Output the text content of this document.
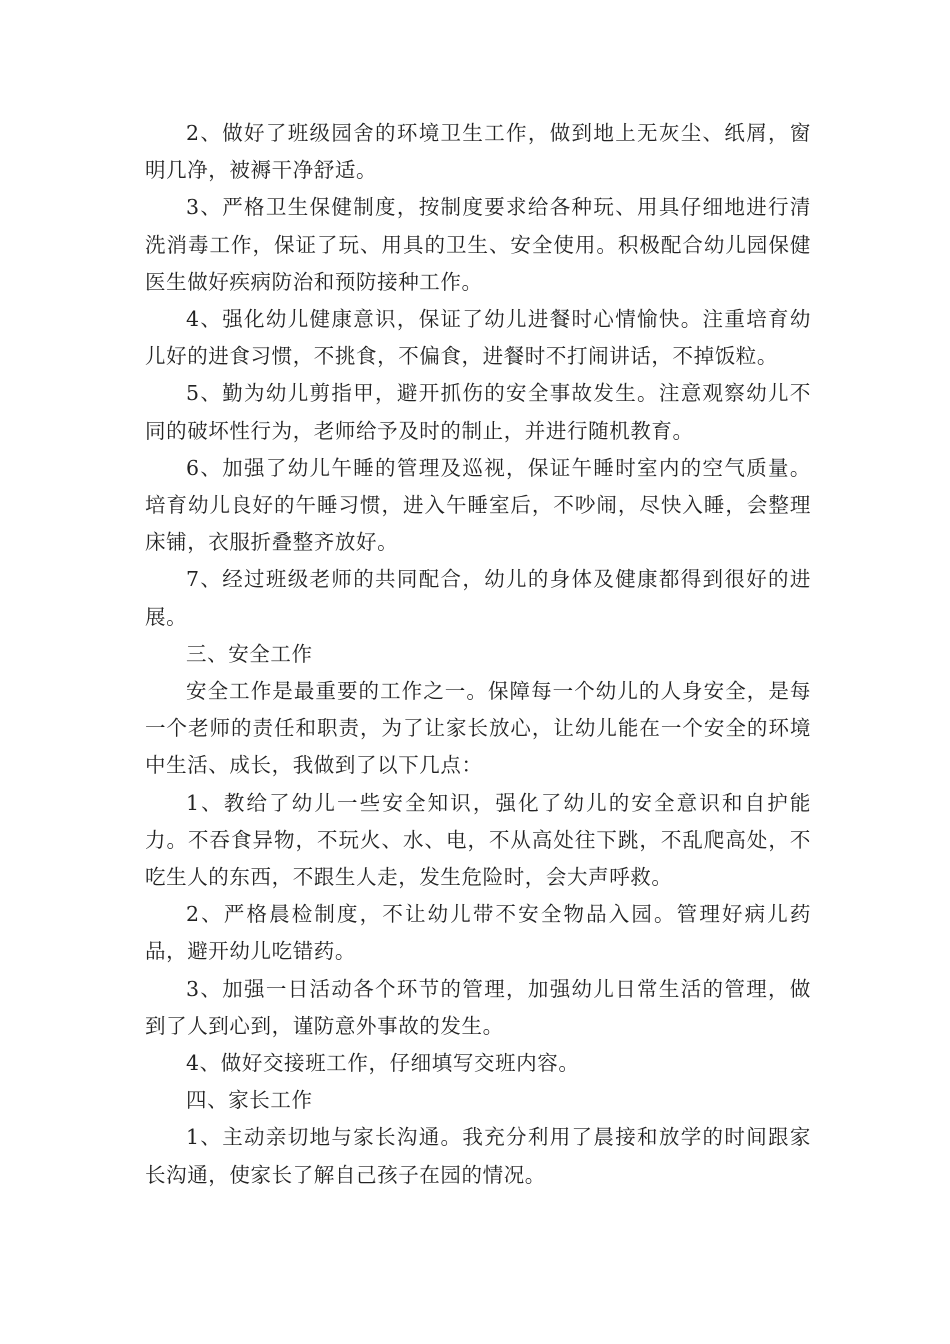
2、做好了班级园舍的环境卫生工作，做到地上无灰尘、纸屑，窗明几净，被褥干净舒适。

3、严格卫生保健制度，按制度要求给各种玩、用具仔细地进行清洗消毒工作，保证了玩、用具的卫生、安全使用。积极配合幼儿园保健医生做好疾病防治和预防接种工作。

4、强化幼儿健康意识，保证了幼儿进餐时心情愉快。注重培育幼儿好的进食习惯，不挑食，不偏食，进餐时不打闹讲话，不掉饭粒。

5、勤为幼儿剪指甲，避开抓伤的安全事故发生。注意观察幼儿不同的破坏性行为，老师给予及时的制止，并进行随机教育。

6、加强了幼儿午睡的管理及巡视，保证午睡时室内的空气质量。培育幼儿良好的午睡习惯，进入午睡室后，不吵闹，尽快入睡，会整理床铺，衣服折叠整齐放好。

7、经过班级老师的共同配合，幼儿的身体及健康都得到很好的进展。

三、安全工作

安全工作是最重要的工作之一。保障每一个幼儿的人身安全，是每一个老师的责任和职责，为了让家长放心，让幼儿能在一个安全的环境中生活、成长，我做到了以下几点：

1、教给了幼儿一些安全知识，强化了幼儿的安全意识和自护能力。不吞食异物，不玩火、水、电，不从高处往下跳，不乱爬高处，不吃生人的东西，不跟生人走，发生危险时，会大声呼救。

2、严格晨检制度，不让幼儿带不安全物品入园。管理好病儿药品，避开幼儿吃错药。

3、加强一日活动各个环节的管理，加强幼儿日常生活的管理，做到了人到心到，谨防意外事故的发生。

4、做好交接班工作，仔细填写交班内容。

四、家长工作

1、主动亲切地与家长沟通。我充分利用了晨接和放学的时间跟家长沟通，使家长了解自己孩子在园的情况。
